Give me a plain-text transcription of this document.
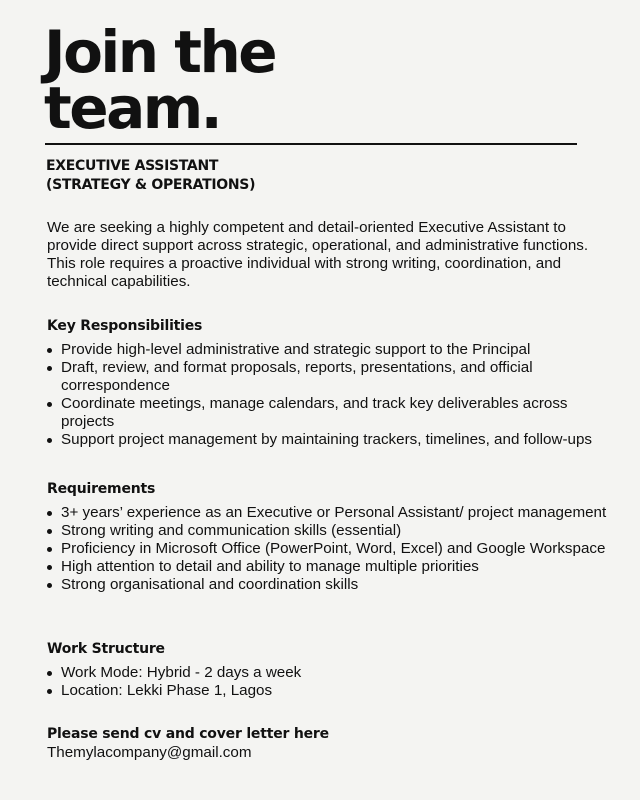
Join the
team.
EXECUTIVE ASSISTANT
(STRATEGY & OPERATIONS)

We are seeking a highly competent and detail-oriented Executive Assistant to provide direct support across strategic, operational, and administrative functions. This role requires a proactive individual with strong writing, coordination, and technical capabilities.

Key Responsibilities
Provide high-level administrative and strategic support to the Principal
Draft, review, and format proposals, reports, presentations, and official correspondence
Coordinate meetings, manage calendars, and track key deliverables across projects
Support project management by maintaining trackers, timelines, and follow-ups
Requirements
3+ years’ experience as an Executive or Personal Assistant/ project management
Strong writing and communication skills (essential)
Proficiency in Microsoft Office (PowerPoint, Word, Excel) and Google Workspace
High attention to detail and ability to manage multiple priorities
Strong organisational and coordination skills
Work Structure
Work Mode: Hybrid - 2 days a week
Location: Lekki Phase 1, Lagos
Please send cv and cover letter here
Themylacompany@gmail.com
